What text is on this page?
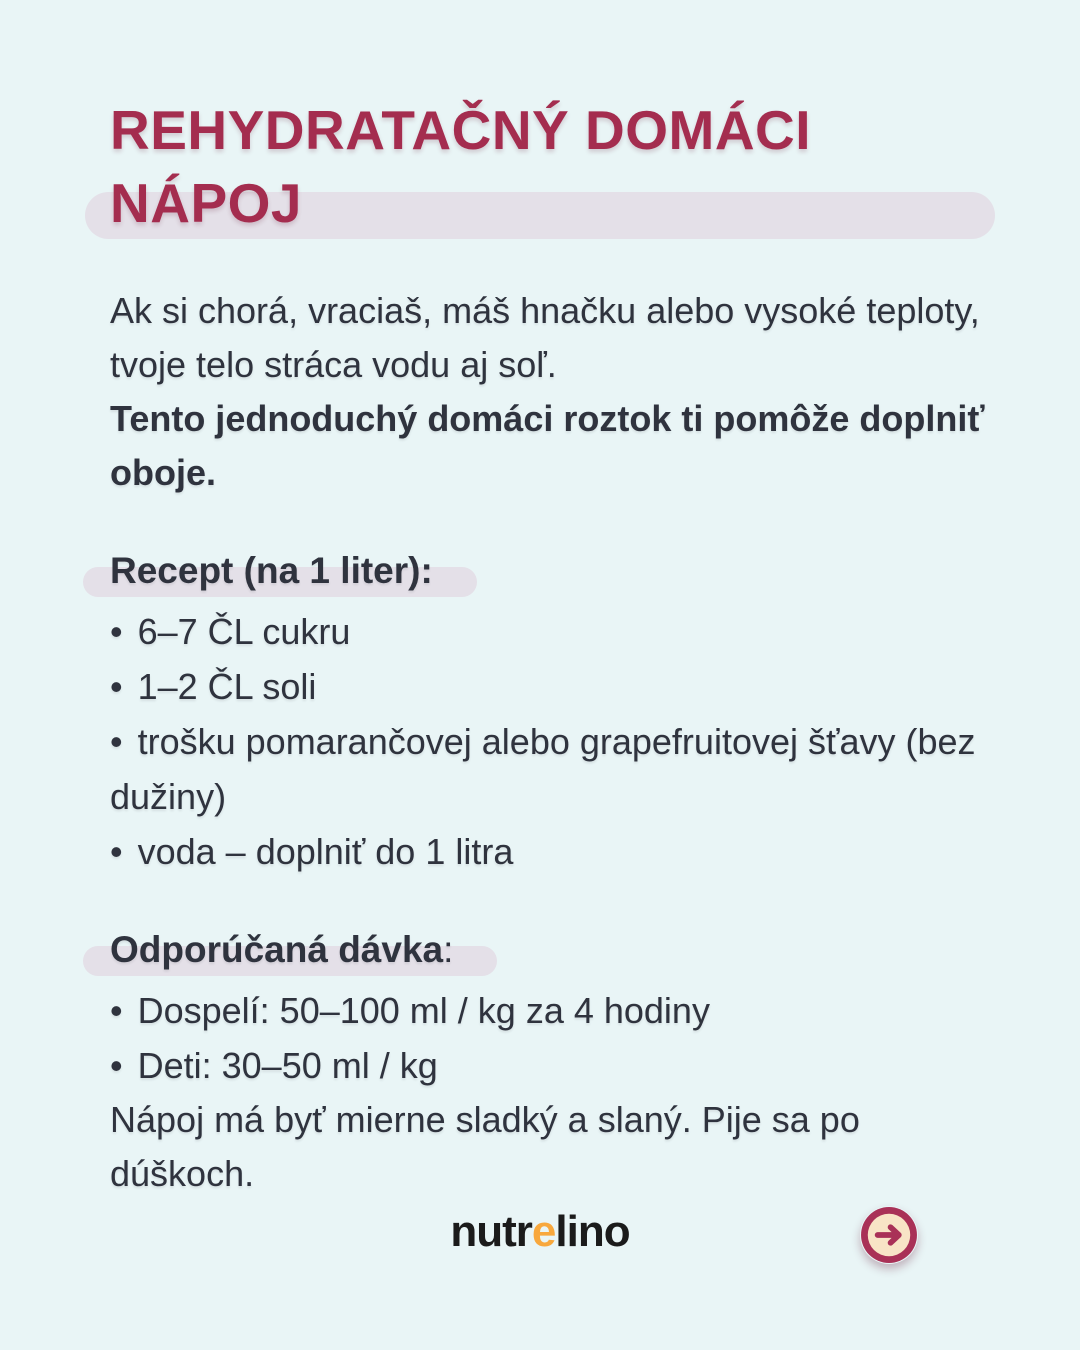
REHYDRATAČNÝ DOMÁCI
NÁPOJ

Ak si chorá, vraciaš, máš hnačku alebo vysoké teploty, tvoje telo stráca vodu aj soľ.

Tento jednoduchý domáci roztok ti pomôže doplniť oboje.

Recept (na 1 liter):
• 6–7 ČL cukru
• 1–2 ČL soli
• trošku pomarančovej alebo grapefruitovej šťavy (bez dužiny)
• voda – doplniť do 1 litra
Odporúčaná dávka:
• Dospelí: 50–100 ml / kg za 4 hodiny
• Deti: 30–50 ml / kg

Nápoj má byť mierne sladký a slaný. Pije sa po dúškoch.

nutrelino
